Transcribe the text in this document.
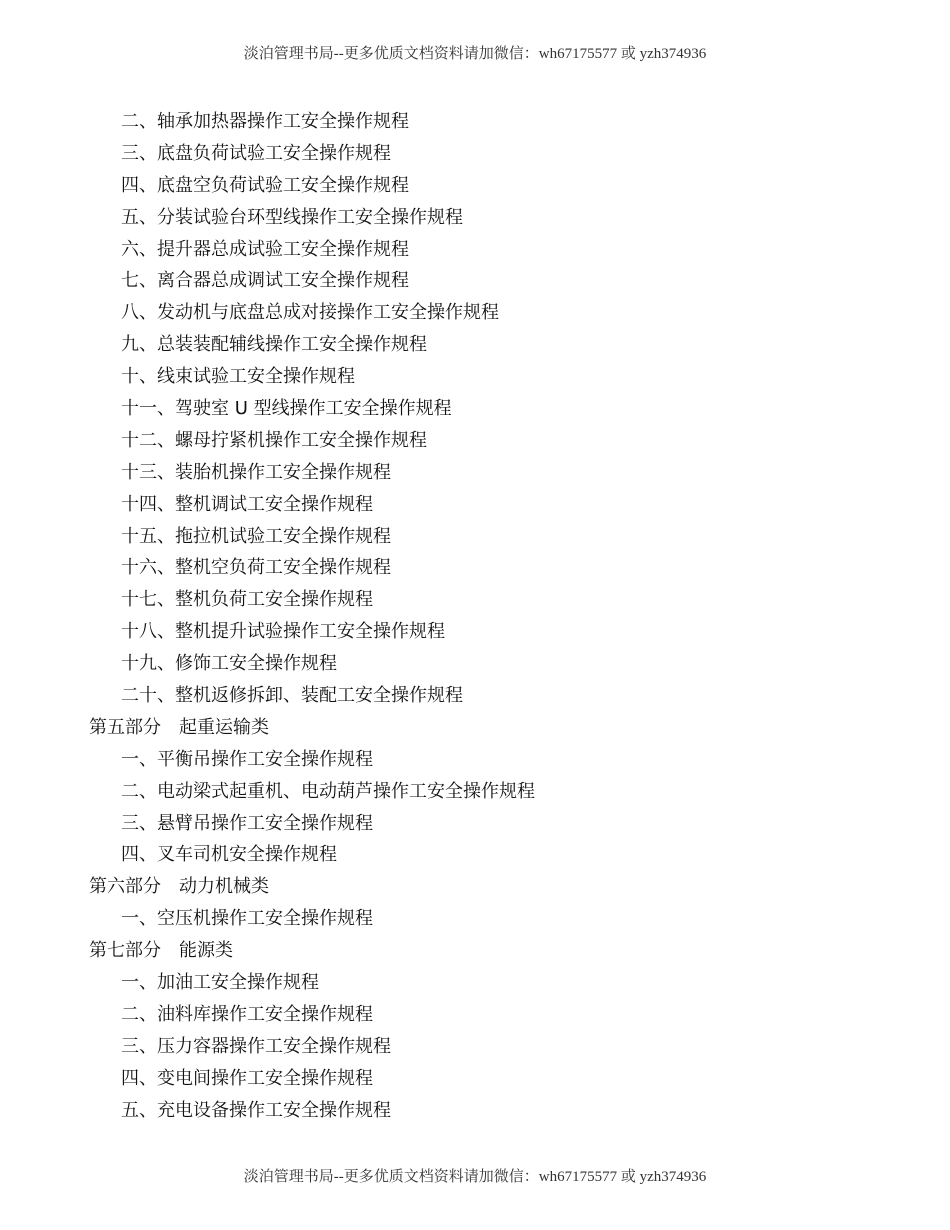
淡泊管理书局--更多优质文档资料请加微信：wh67175577 或 yzh374936
二、轴承加热器操作工安全操作规程
三、底盘负荷试验工安全操作规程
四、底盘空负荷试验工安全操作规程
五、分装试验台环型线操作工安全操作规程
六、提升器总成试验工安全操作规程
七、离合器总成调试工安全操作规程
八、发动机与底盘总成对接操作工安全操作规程
九、总装装配辅线操作工安全操作规程
十、线束试验工安全操作规程
十一、驾驶室 U 型线操作工安全操作规程
十二、螺母拧紧机操作工安全操作规程
十三、装胎机操作工安全操作规程
十四、整机调试工安全操作规程
十五、拖拉机试验工安全操作规程
十六、整机空负荷工安全操作规程
十七、整机负荷工安全操作规程
十八、整机提升试验操作工安全操作规程
十九、修饰工安全操作规程
二十、整机返修拆卸、装配工安全操作规程
第五部分　起重运输类
一、平衡吊操作工安全操作规程
二、电动梁式起重机、电动葫芦操作工安全操作规程
三、悬臂吊操作工安全操作规程
四、叉车司机安全操作规程
第六部分　动力机械类
一、空压机操作工安全操作规程
第七部分　能源类
一、加油工安全操作规程
二、油料库操作工安全操作规程
三、压力容器操作工安全操作规程
四、变电间操作工安全操作规程
五、充电设备操作工安全操作规程
淡泊管理书局--更多优质文档资料请加微信：wh67175577 或 yzh374936
